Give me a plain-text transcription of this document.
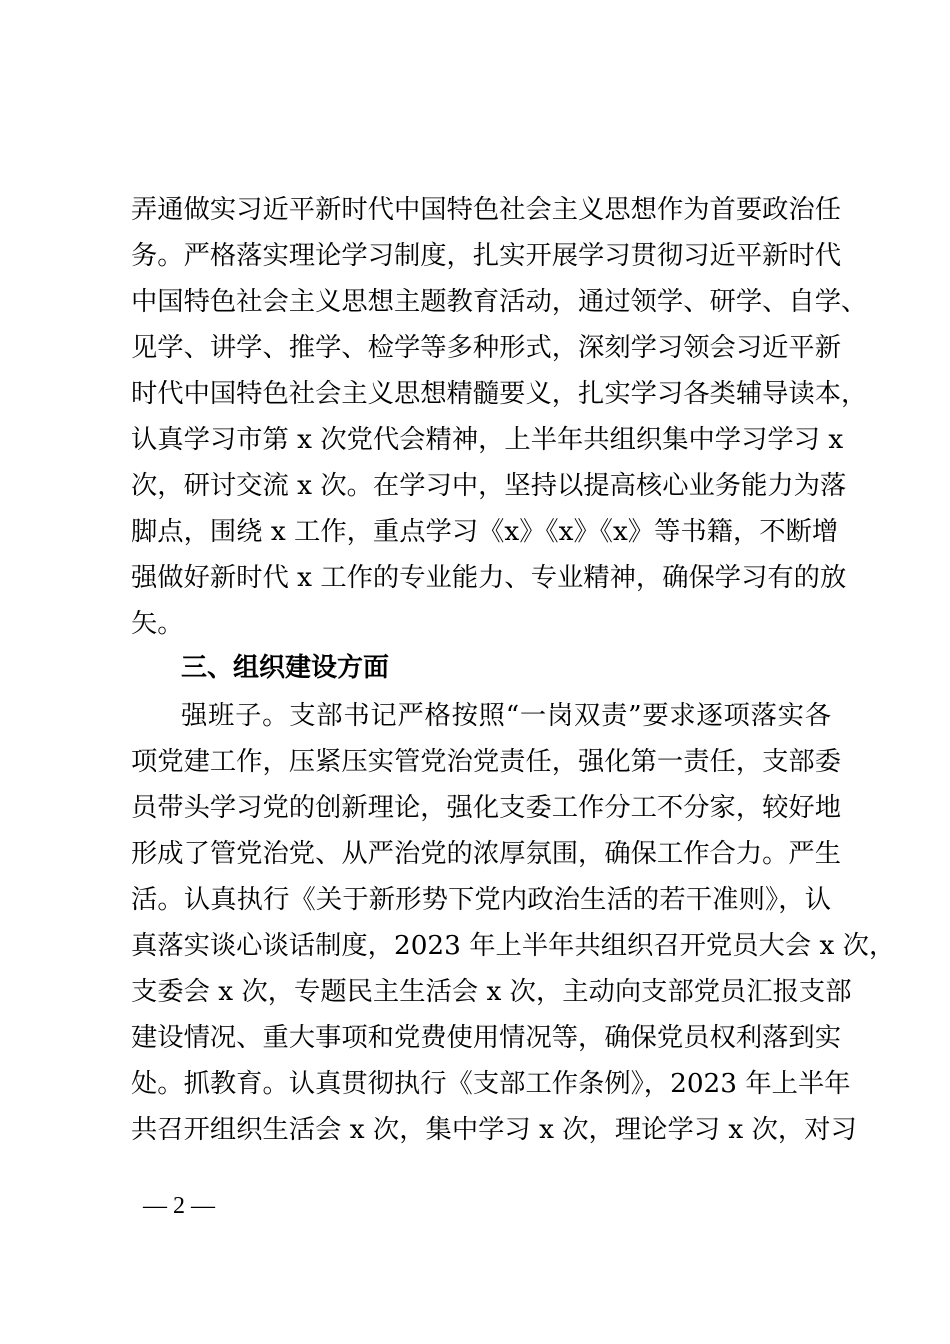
弄通做实习近平新时代中国特色社会主义思想作为首要政治任
务。严格落实理论学习制度，扎实开展学习贯彻习近平新时代
中国特色社会主义思想主题教育活动，通过领学、研学、自学、
见学、讲学、推学、检学等多种形式，深刻学习领会习近平新
时代中国特色社会主义思想精髓要义，扎实学习各类辅导读本，
认真学习市第 x 次党代会精神，上半年共组织集中学习学习 x
次，研讨交流 x 次。在学习中，坚持以提高核心业务能力为落
脚点，围绕 x 工作，重点学习《x》《x》《x》等书籍，不断增
强做好新时代 x 工作的专业能力、专业精神，确保学习有的放
矢。
三、组织建设方面
强班子。支部书记严格按照“一岗双责”要求逐项落实各
项党建工作，压紧压实管党治党责任，强化第一责任，支部委
员带头学习党的创新理论，强化支委工作分工不分家，较好地
形成了管党治党、从严治党的浓厚氛围，确保工作合力。严生
活。认真执行《关于新形势下党内政治生活的若干准则》，认
真落实谈心谈话制度，2023 年上半年共组织召开党员大会 x 次，
支委会 x 次，专题民主生活会 x 次，主动向支部党员汇报支部
建设情况、重大事项和党费使用情况等，确保党员权利落到实
处。抓教育。认真贯彻执行《支部工作条例》，2023 年上半年
共召开组织生活会 x 次，集中学习 x 次，理论学习 x 次，对习
— 2 —
